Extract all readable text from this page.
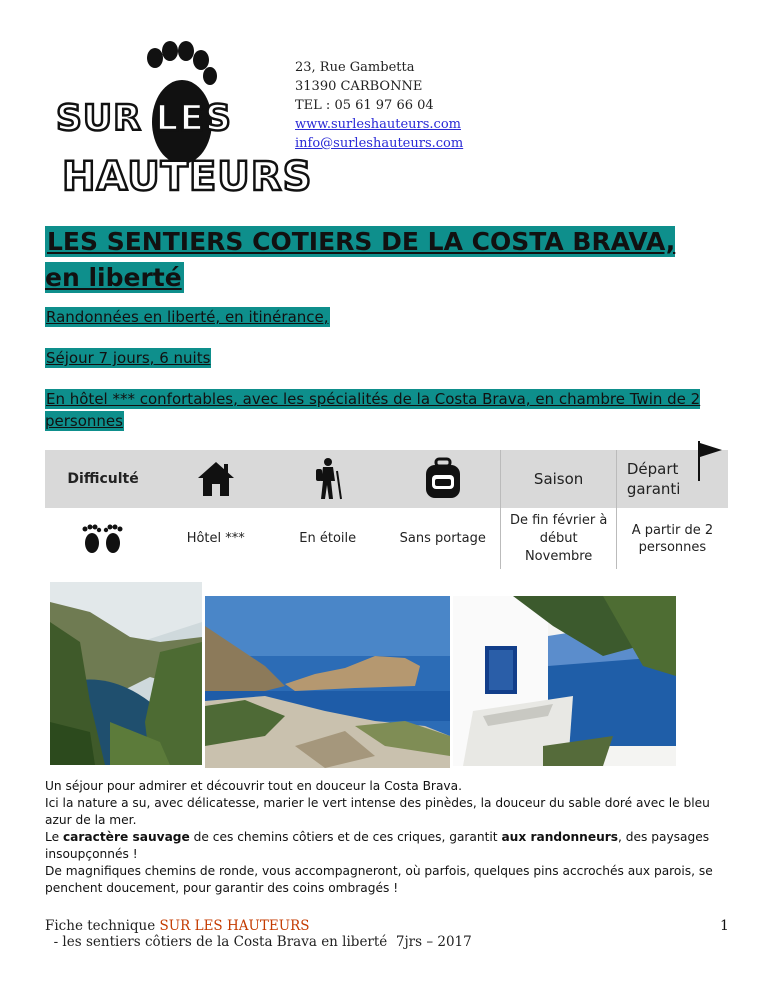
SUR LES
HAUTEURS
23, Rue Gambetta
31390 CARBONNE
TEL : 05 61 97 66 04
www.surleshauteurs.com
info@surleshauteurs.com
LES SENTIERS COTIERS DE LA COSTA BRAVA, en liberté
Randonnées en liberté, en itinérance,
Séjour 7 jours, 6 nuits
En hôtel *** confortables, avec les spécialités de la Costa Brava, en chambre Twin de 2 personnes
Difficulté				Saison	Départ garanti

	Hôtel ***	En étoile	Sans portage	De fin février à début Novembre	A partir de 2 personnes

Un séjour pour admirer et découvrir tout en douceur la Costa Brava.

Ici la nature a su, avec délicatesse, marier le vert intense des pinèdes, la douceur du sable doré avec le bleu azur de la mer.

Le caractère sauvage de ces chemins côtiers et de ces criques, garantit aux randonneurs, des paysages insoupçonnés !

De magnifiques chemins de ronde, vous accompagneront, où parfois, quelques pins accrochés aux parois, se penchent doucement, pour garantir des coins ombragés !

Fiche technique SUR LES HAUTEURS  - les sentiers côtiers de la Costa Brava en liberté  7jrs – 2017
1
